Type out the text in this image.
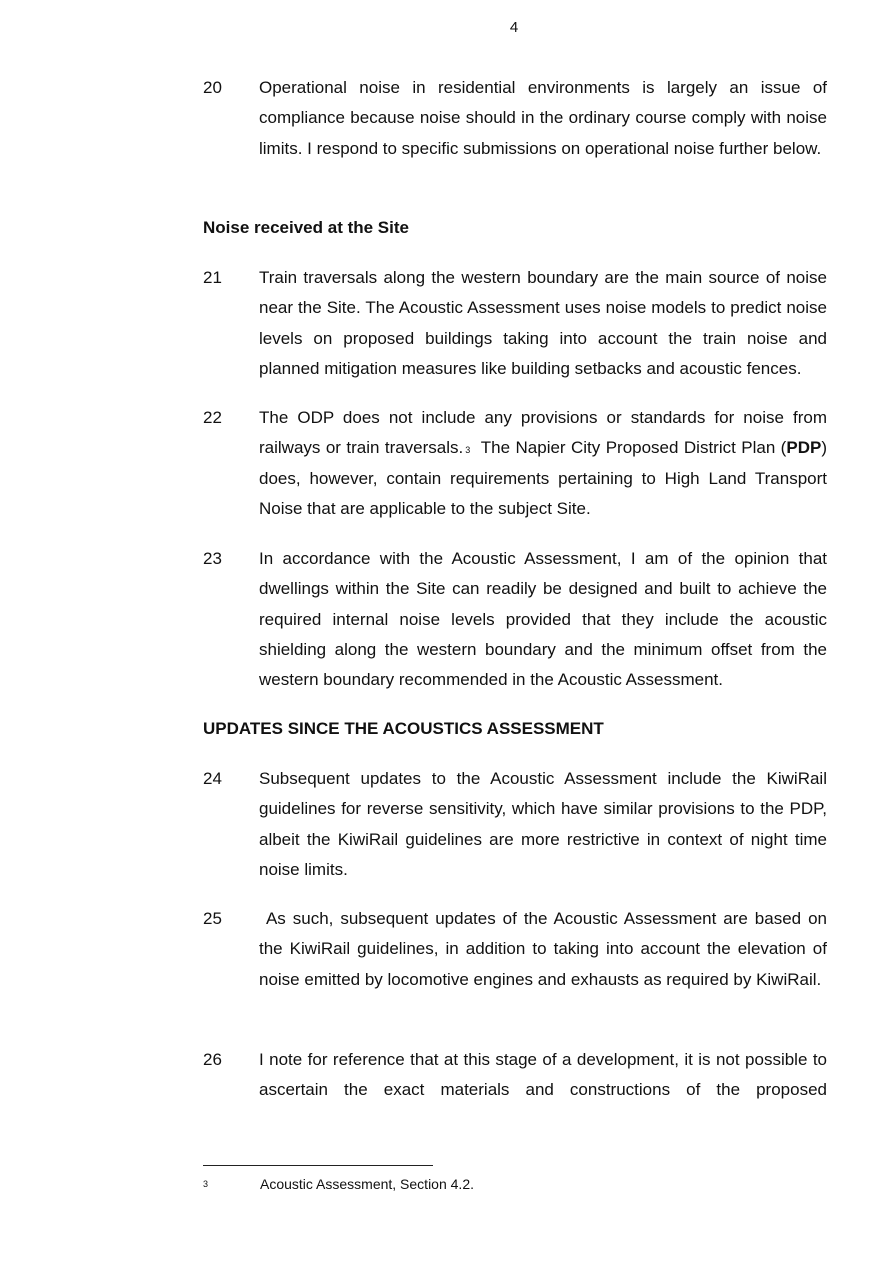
4
20 Operational noise in residential environments is largely an issue of compliance because noise should in the ordinary course comply with noise limits. I respond to specific submissions on operational noise further below.
Noise received at the Site
21 Train traversals along the western boundary are the main source of noise near the Site. The Acoustic Assessment uses noise models to predict noise levels on proposed buildings taking into account the train noise and planned mitigation measures like building setbacks and acoustic fences.
22 The ODP does not include any provisions or standards for noise from railways or train traversals. $^3$  The Napier City Proposed District Plan (PDP) does, however, contain requirements pertaining to High Land Transport Noise that are applicable to the subject Site.
23 In accordance with the Acoustic Assessment, I am of the opinion that dwellings within the Site can readily be designed and built to achieve the required internal noise levels provided that they include the acoustic shielding along the western boundary and the minimum offset from the western boundary recommended in the Acoustic Assessment.
UPDATES SINCE THE ACOUSTICS ASSESSMENT
24 Subsequent updates to the Acoustic Assessment include the KiwiRail guidelines for reverse sensitivity, which have similar provisions to the PDP, albeit the KiwiRail guidelines are more restrictive in context of night time noise limits.
25 As such, subsequent updates of the Acoustic Assessment are based on the KiwiRail guidelines, in addition to taking into account the elevation of noise emitted by locomotive engines and exhausts as required by KiwiRail.
26 I note for reference that at this stage of a development, it is not possible to ascertain the exact materials and constructions of the proposed
3	Acoustic Assessment, Section 4.2.
